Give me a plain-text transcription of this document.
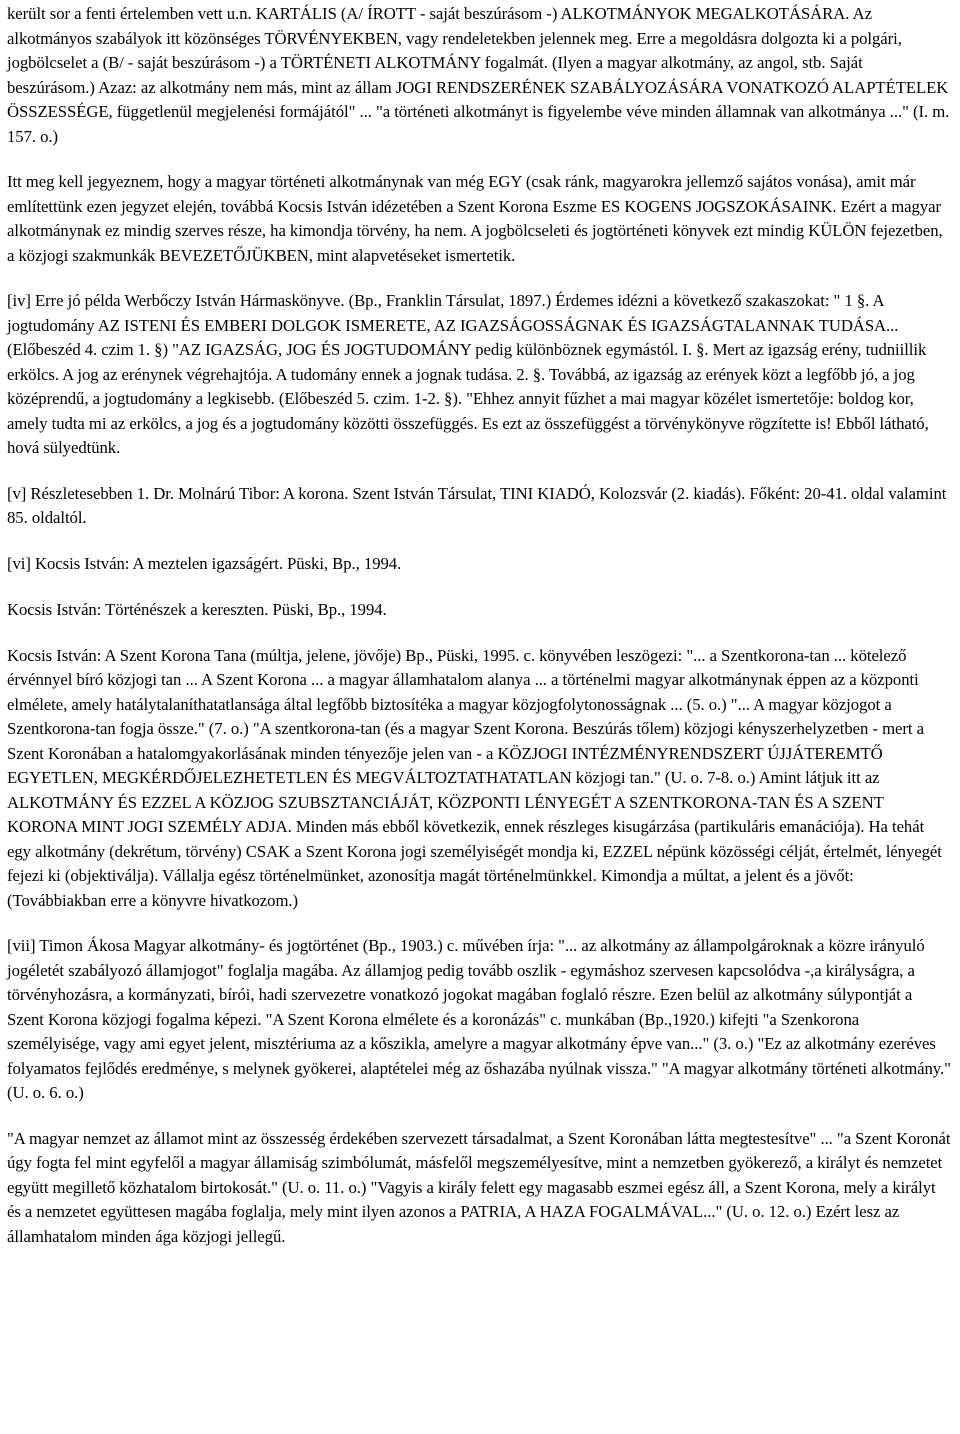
került sor a fenti értelemben vett u.n. KARTÁLIS (A/ ÍROTT - saját beszúrásom -) ALKOTMÁNYOK MEGALKOTÁSÁRA. Az alkotmányos szabályok itt közönséges TÖRVÉNYEKBEN, vagy rendeletekben jelennek meg. Erre a megoldásra dolgozta ki a polgári, jogbölcselet a (B/ - saját beszúrásom -) a TÖRTÉNETI ALKOTMÁNY fogalmát. (Ilyen a magyar alkotmány, az angol, stb. Saját beszúrásom.) Azaz: az alkotmány nem más, mint az állam JOGI RENDSZERÉNEK SZABÁLYOZÁSÁRA VONATKOZÓ ALAPTÉTELEK ÖSSZESSÉGE, függetlenül megjelenési formájától" ... "a történeti alkotmányt is figyelembe véve minden államnak van alkotmánya ..." (I. m. 157. o.)

Itt meg kell jegyeznem, hogy a magyar történeti alkotmánynak van még EGY (csak ránk, magyarokra jellemző sajátos vonása), amit már említettünk ezen jegyzet elején, továbbá Kocsis István idézetében a Szent Korona Eszme ES KOGENS JOGSZOKÁSAINK. Ezért a magyar alkotmánynak ez mindig szerves része, ha kimondja törvény, ha nem. A jogbölcseleti és jogtörténeti könyvek ezt mindig KÜLÖN fejezetben, a közjogi szakmunkák BEVEZETŐJÜKBEN, mint alapvetéseket ismertetik.

[iv] Erre jó példa Werbőczy István Hármaskönyve. (Bp., Franklin Társulat, 1897.) Érdemes idézni a következő szakaszokat: " 1 §. A jogtudomány AZ ISTENI ÉS EMBERI DOLGOK ISMERETE, AZ IGAZSÁGOSSÁGNAK ÉS IGAZSÁGTALANNAK TUDÁSA...(Előbeszéd 4. czim 1. §) "AZ IGAZSÁG, JOG ÉS JOGTUDOMÁNY pedig különböznek egymástól. I. §. Mert az igazság erény, tudniillik erkölcs. A jog az erénynek végrehajtója. A tudomány ennek a jognak tudása. 2. §. Továbbá, az igazság az erények közt a legfőbb jó, a jog középrendű, a jogtudomány a legkisebb. (Előbeszéd 5. czim. 1-2. §). "Ehhez annyit fűzhet a mai magyar közélet ismertetője: boldog kor, amely tudta mi az erkölcs, a jog és a jogtudomány közötti összefüggés. Es ezt az összefüggést a törvénykönyve rögzítette is! Ebből látható, hová sülyedtünk.

[v] Részletesebben 1. Dr. Molnárú Tibor: A korona. Szent István Társulat, TINI KIADÓ, Kolozsvár (2. kiadás). Főként: 20-41. oldal valamint 85. oldaltól.

[vi] Kocsis István: A meztelen igazságért. Püski, Bp., 1994.

Kocsis István: Történészek a kereszten. Püski, Bp., 1994.

Kocsis István: A Szent Korona Tana (múltja, jelene, jövője) Bp., Püski, 1995. c. könyvében leszögezi: "... a Szentkorona-tan ... kötelező érvénnyel bíró közjogi tan ... A Szent Korona ... a magyar államhatalom alanya ... a történelmi magyar alkotmánynak éppen az a központi elmélete, amely hatálytalaníthatatlansága által legfőbb biztosítéka a magyar közjogfolytonosságnak ... (5. o.) "... A magyar közjogot a Szentkorona-tan fogja össze." (7. o.) "A szentkorona-tan (és a magyar Szent Korona. Beszúrás tőlem) közjogi kényszerhelyzetben - mert a Szent Koronában a hatalomgyakorlásának minden tényezője jelen van - a KÖZJOGI INTÉZMÉNYRENDSZERT ÚJJÁTEREMTŐ EGYETLEN, MEGKÉRDŐJELEZHETETLEN ÉS MEGVÁLTOZTATHATATLAN közjogi tan." (U. o. 7-8. o.) Amint látjuk itt az ALKOTMÁNY ÉS EZZEL A KÖZJOG SZUBSZTANCIÁJÁT, KÖZPONTI LÉNYEGÉT A SZENTKORONA-TAN ÉS A SZENT KORONA MINT JOGI SZEMÉLY ADJA. Minden más ebből következik, ennek részleges kisugárzása (partikuláris emanációja). Ha tehát egy alkotmány (dekrétum, törvény) CSAK a Szent Korona jogi személyiségét mondja ki, EZZEL népünk közösségi célját, értelmét, lényegét fejezi ki (objektiválja). Vállalja egész történelmünket, azonosítja magát történelmünkkel. Kimondja a múltat, a jelent és a jövőt: (Továbbiakban erre a könyvre hivatkozom.)

[vii] Timon Ákosa Magyar alkotmány- és jogtörténet (Bp., 1903.) c. művében írja: "... az alkotmány az állampolgároknak a közre irányuló jogéletét szabályozó államjogot" foglalja magába. Az államjog pedig tovább oszlik - egymáshoz szervesen kapcsolódva -,a királyságra, a törvényhozásra, a kormányzati, bírói, hadi szervezetre vonatkozó jogokat magában foglaló részre. Ezen belül az alkotmány súlypontját a Szent Korona közjogi fogalma képezi. "A Szent Korona elmélete és a koronázás" c. munkában (Bp.,1920.) kifejti "a Szenkorona személyisége, vagy ami egyet jelent, misztériuma az a kőszikla, amelyre a magyar alkotmány épve van..." (3. o.) "Ez az alkotmány ezeréves folyamatos fejlődés eredménye, s melynek gyökerei, alaptételei még az őshazába nyúlnak vissza." "A magyar alkotmány történeti alkotmány." (U. o. 6. o.)

"A magyar nemzet az államot mint az összesség érdekében szervezett társadalmat, a Szent Koronában látta megtestesítve" ... "a Szent Koronát úgy fogta fel mint egyfelől a magyar államiság szimbólumát, másfelől megszemélyesítve, mint a nemzetben gyökerező, a királyt és nemzetet együtt megillető közhatalom birtokosát." (U. o. 11. o.) "Vagyis a király felett egy magasabb eszmei egész áll, a Szent Korona, mely a királyt és a nemzetet együttesen magába foglalja, mely mint ilyen azonos a PATRIA, A HAZA FOGALMÁVAL..." (U. o. 12. o.) Ezért lesz az államhatalom minden ága közjogi jellegű.
